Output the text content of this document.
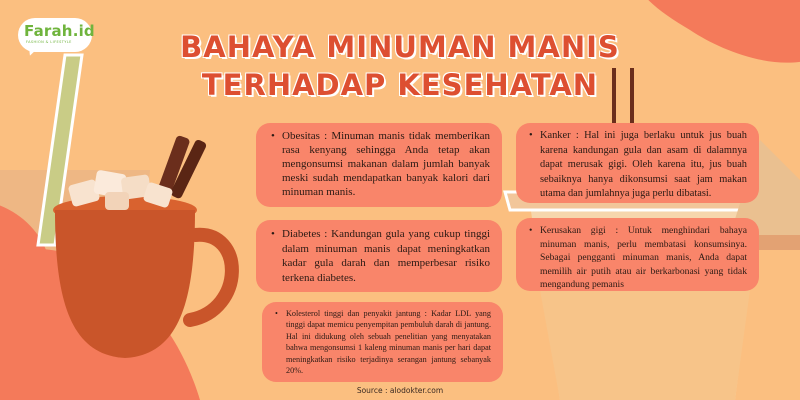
Farah.id
FASHION & LIFESTYLE	BAHAYA MINUMAN MANIS
TERHADAP KESEHATAN
• Obesitas : Minuman manis tidak memberikan rasa kenyang sehingga Anda tetap akan mengonsumsi makanan dalam jumlah banyak meski sudah mendapatkan banyak kalori dari minuman manis.
• Diabetes : Kandungan gula yang cukup tinggi dalam minuman manis dapat meningkatkan kadar gula darah dan memperbesar risiko terkena diabetes.
• Kolesterol tinggi dan penyakit jantung : Kadar LDL yang tinggi dapat memicu penyempitan pembuluh darah di jantung. Hal ini didukung oleh sebuah penelitian yang menyatakan bahwa mengonsumsi 1 kaleng minuman manis per hari dapat meningkatkan risiko terjadinya serangan jantung sebanyak 20%.
• Kanker : Hal ini juga berlaku untuk jus buah karena kandungan gula dan asam di dalamnya dapat merusak gigi. Oleh karena itu, jus buah sebaiknya hanya dikonsumsi saat jam makan utama dan jumlahnya juga perlu dibatasi.
• Kerusakan gigi : Untuk menghindari bahaya minuman manis, perlu membatasi konsumsinya. Sebagai pengganti minuman manis, Anda dapat memilih air putih atau air berkarbonasi yang tidak mengandung pemanis
Source : alodokter.com
